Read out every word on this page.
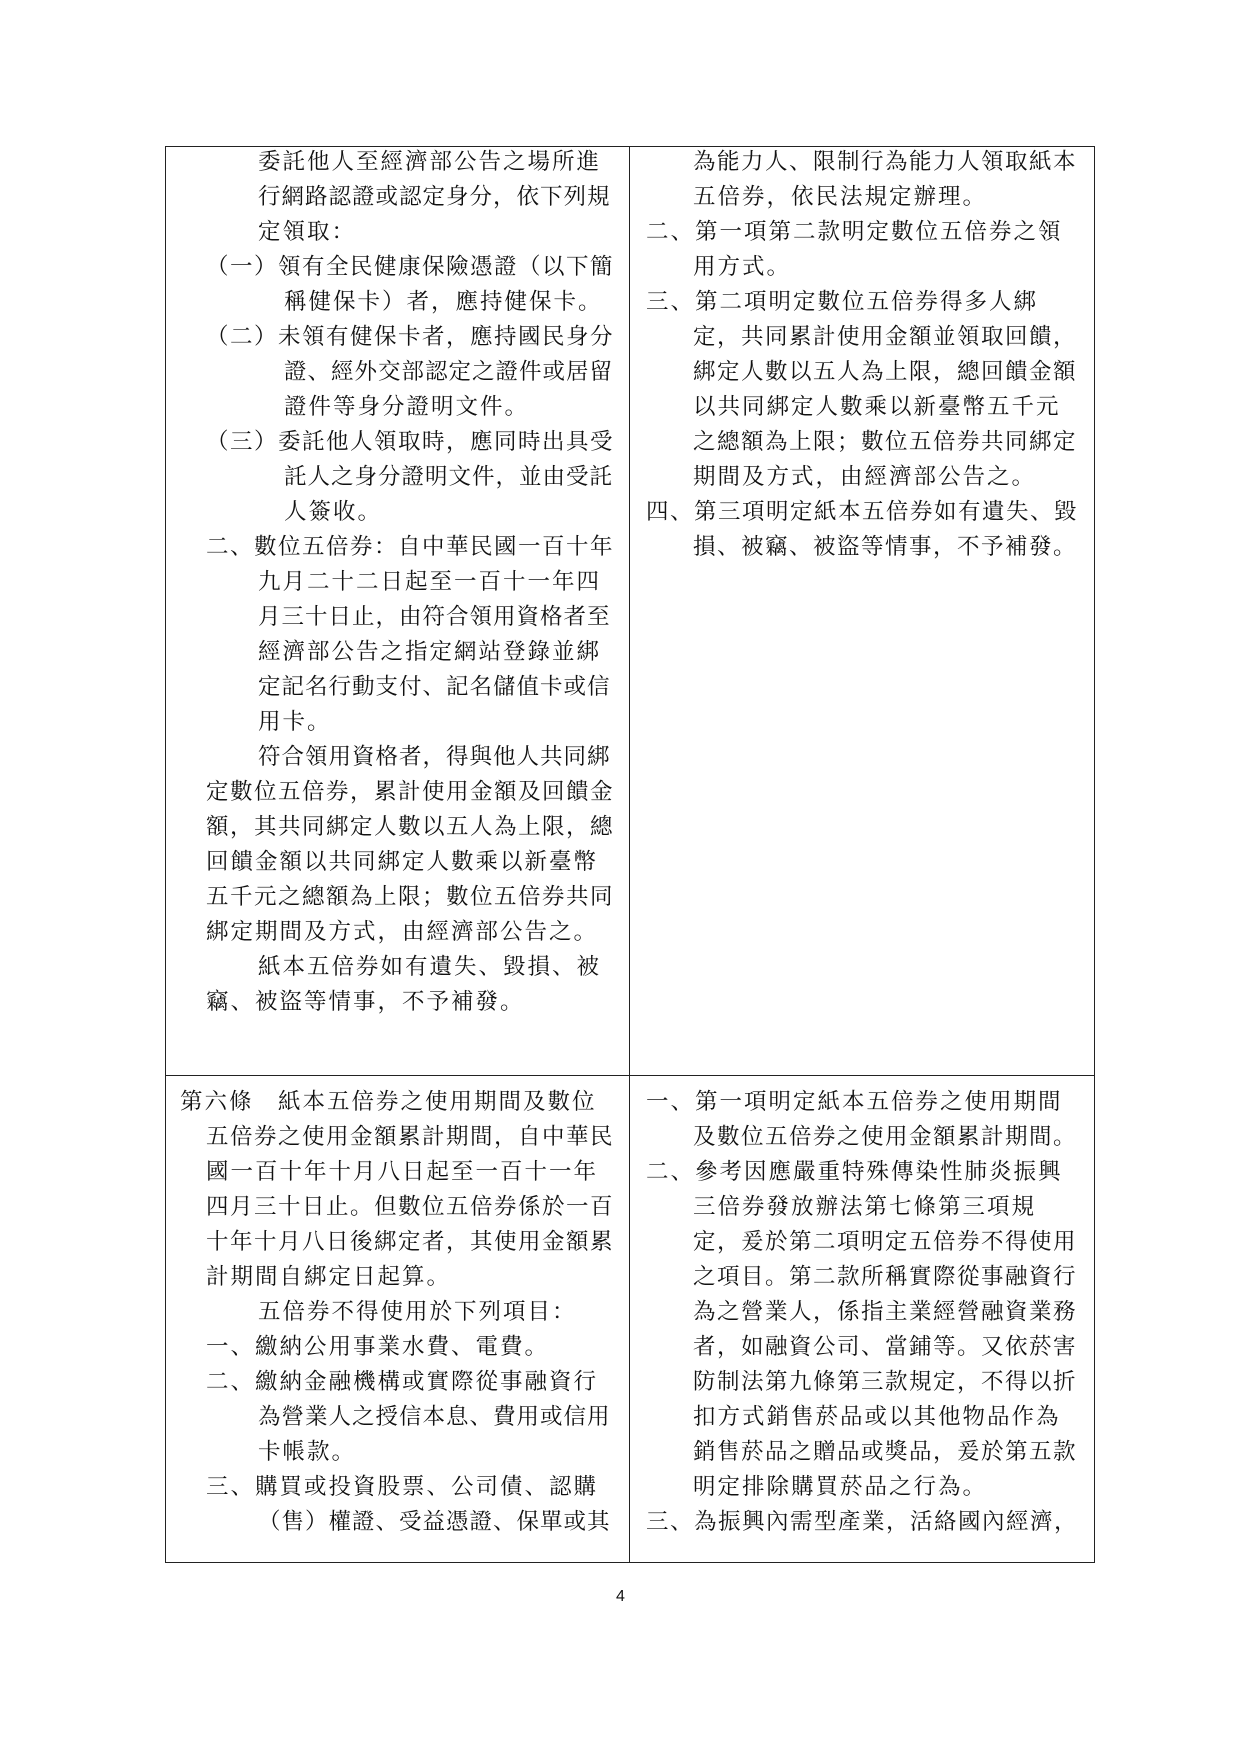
委託他人至經濟部公告之場所進
行網路認證或認定身分，依下列規
定領取：
（一）領有全民健康保險憑證（以下簡
稱健保卡）者，應持健保卡。
（二）未領有健保卡者，應持國民身分
證、經外交部認定之證件或居留
證件等身分證明文件。
（三）委託他人領取時，應同時出具受
託人之身分證明文件，並由受託
人簽收。
二、數位五倍券：自中華民國一百十年
九月二十二日起至一百十一年四
月三十日止，由符合領用資格者至
經濟部公告之指定網站登錄並綁
定記名行動支付、記名儲值卡或信
用卡。
符合領用資格者，得與他人共同綁
定數位五倍券，累計使用金額及回饋金
額，其共同綁定人數以五人為上限，總
回饋金額以共同綁定人數乘以新臺幣
五千元之總額為上限；數位五倍券共同
綁定期間及方式，由經濟部公告之。
紙本五倍券如有遺失、毀損、被
竊、被盜等情事，不予補發。
為能力人、限制行為能力人領取紙本
五倍券，依民法規定辦理。
二、第一項第二款明定數位五倍券之領
用方式。
三、第二項明定數位五倍券得多人綁
定，共同累計使用金額並領取回饋，
綁定人數以五人為上限，總回饋金額
以共同綁定人數乘以新臺幣五千元
之總額為上限；數位五倍券共同綁定
期間及方式，由經濟部公告之。
四、第三項明定紙本五倍券如有遺失、毀
損、被竊、被盜等情事，不予補發。
第六條　紙本五倍券之使用期間及數位
五倍券之使用金額累計期間，自中華民
國一百十年十月八日起至一百十一年
四月三十日止。但數位五倍券係於一百
十年十月八日後綁定者，其使用金額累
計期間自綁定日起算。
五倍券不得使用於下列項目：
一、繳納公用事業水費、電費。
二、繳納金融機構或實際從事融資行
為營業人之授信本息、費用或信用
卡帳款。
三、購買或投資股票、公司債、認購
（售）權證、受益憑證、保單或其
一、第一項明定紙本五倍券之使用期間
及數位五倍券之使用金額累計期間。
二、參考因應嚴重特殊傳染性肺炎振興
三倍券發放辦法第七條第三項規
定，爰於第二項明定五倍券不得使用
之項目。第二款所稱實際從事融資行
為之營業人，係指主業經營融資業務
者，如融資公司、當鋪等。又依菸害
防制法第九條第三款規定，不得以折
扣方式銷售菸品或以其他物品作為
銷售菸品之贈品或獎品，爰於第五款
明定排除購買菸品之行為。
三、為振興內需型產業，活絡國內經濟，
4
